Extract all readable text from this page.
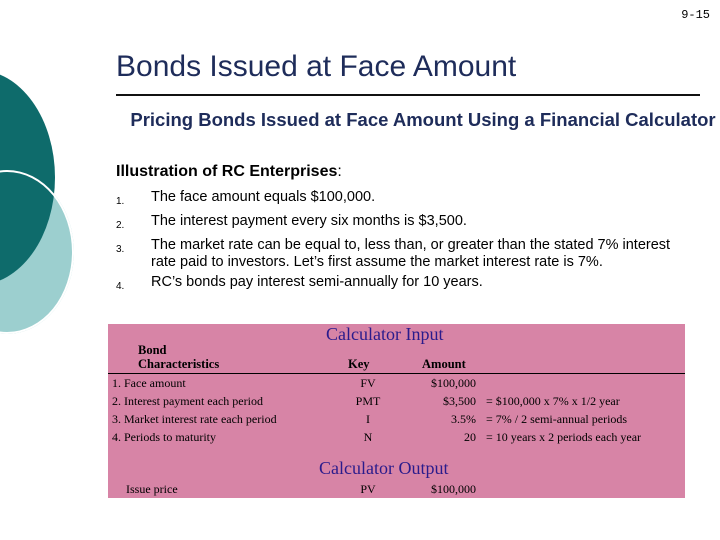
9-15
Bonds Issued at Face Amount
Pricing Bonds Issued at Face Amount Using a Financial Calculator
Illustration of RC Enterprises:
1.	The face amount equals $100,000.
2.	The interest payment every six months is $3,500.
3.	The market rate can be equal to, less than, or greater than the stated 7% interest rate paid to investors. Let’s first assume the market interest rate is 7%.
4.	RC’s bonds pay interest semi-annually for 10 years.
Calculator Input
Bond
Characteristics	Key	Amount
1. Face amount	FV	$100,000
2. Interest payment each period	PMT	$3,500 = $100,000 x 7% x 1/2 year
3. Market interest rate each period	I	3.5% = 7% / 2 semi-annual periods
4. Periods to maturity	N	20 = 10 years x 2 periods each year
Calculator Output
Issue price	PV	$100,000
